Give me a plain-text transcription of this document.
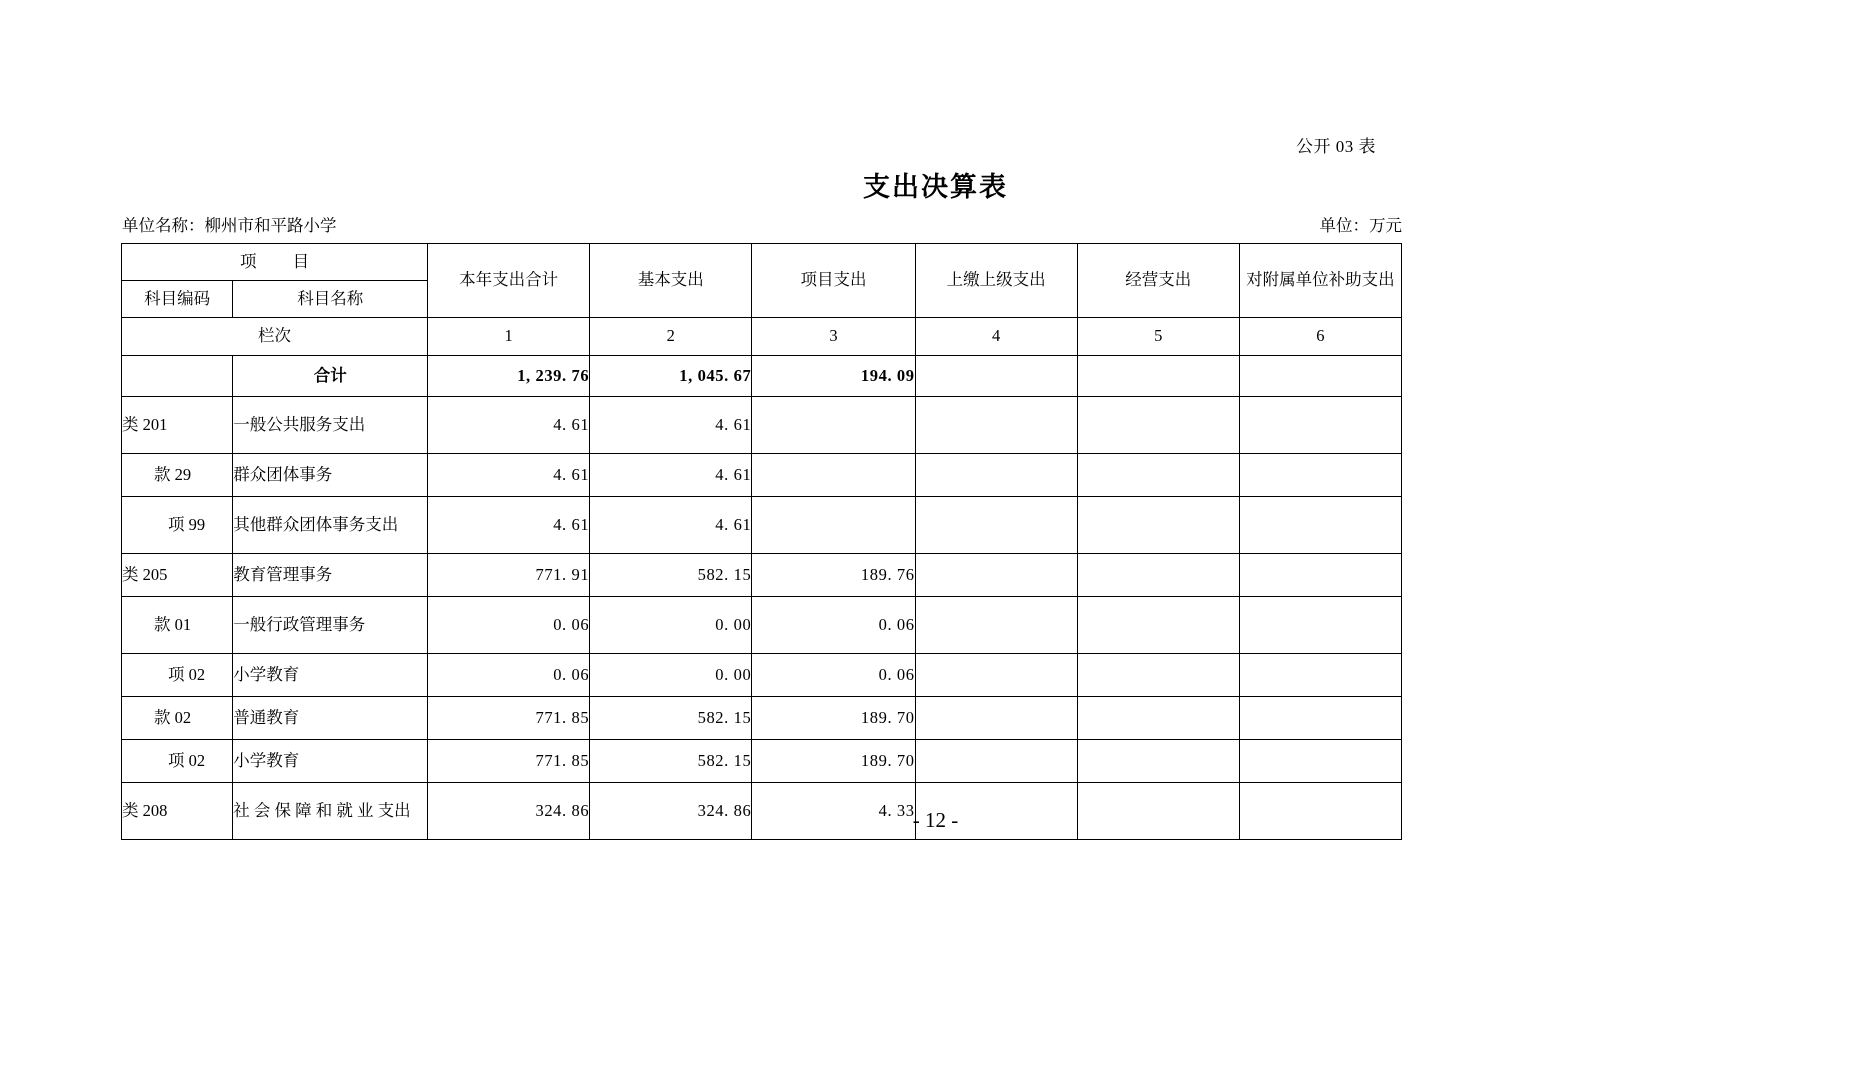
公开 03 表
支出决算表
单位名称：柳州市和平路小学	单位：万元
项 目		本年支出合计	基本支出	项目支出	上缴上级支出	经营支出	对附属单位补助支出
科目编码	科目名称						
栏次		1	2	3	4	5	6
	合计	1, 239. 76	1, 045. 67	194. 09			
类 201	一般公共服务支出	4. 61	4. 61				
款 29	群众团体事务	4. 61	4. 61				
项 99	其他群众团体事务支出	4. 61	4. 61				
类 205	教育管理事务	771. 91	582. 15	189. 76			
款 01	一般行政管理事务	0. 06	0. 00	0. 06			
项 02	小学教育	0. 06	0. 00	0. 06			
款 02	普通教育	771. 85	582. 15	189. 70			
项 02	小学教育	771. 85	582. 15	189. 70			
类 208	社 会 保 障 和 就 业 支出	324. 86	324. 86	4. 33			
- 12 -
